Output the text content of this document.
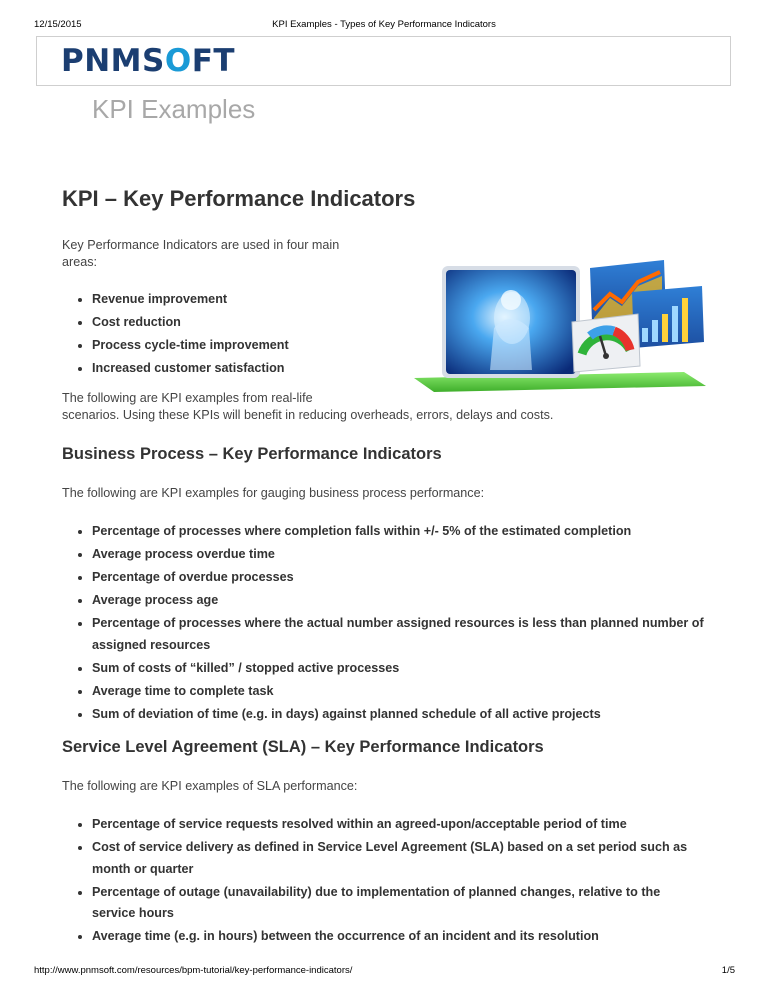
12/15/2015	KPI Examples - Types of Key Performance Indicators
PNMSOFT
KPI Examples
KPI – Key Performance Indicators

Key Performance Indicators are used in four main areas:

• Revenue improvement
• Cost reduction
• Process cycle-time improvement
• Increased customer satisfaction

The following are KPI examples from real-life

scenarios. Using these KPIs will benefit in reducing overheads, errors, delays and costs.

Business Process – Key Performance Indicators

The following are KPI examples for gauging business process performance:

• Percentage of processes where completion falls within +/- 5% of the estimated completion
• Average process overdue time
• Percentage of overdue processes
• Average process age
• Percentage of processes where the actual number assigned resources is less than planned number of assigned resources
• Sum of costs of “killed” / stopped active processes
• Average time to complete task
• Sum of deviation of time (e.g. in days) against planned schedule of all active projects
Service Level Agreement (SLA) – Key Performance Indicators

The following are KPI examples of SLA performance:

• Percentage of service requests resolved within an agreed-upon/acceptable period of time
• Cost of service delivery as defined in Service Level Agreement (SLA) based on a set period such as month or quarter
• Percentage of outage (unavailability) due to implementation of planned changes, relative to the service hours
• Average time (e.g. in hours) between the occurrence of an incident and its resolution
http://www.pnmsoft.com/resources/bpm-tutorial/key-performance-indicators/	1/5
